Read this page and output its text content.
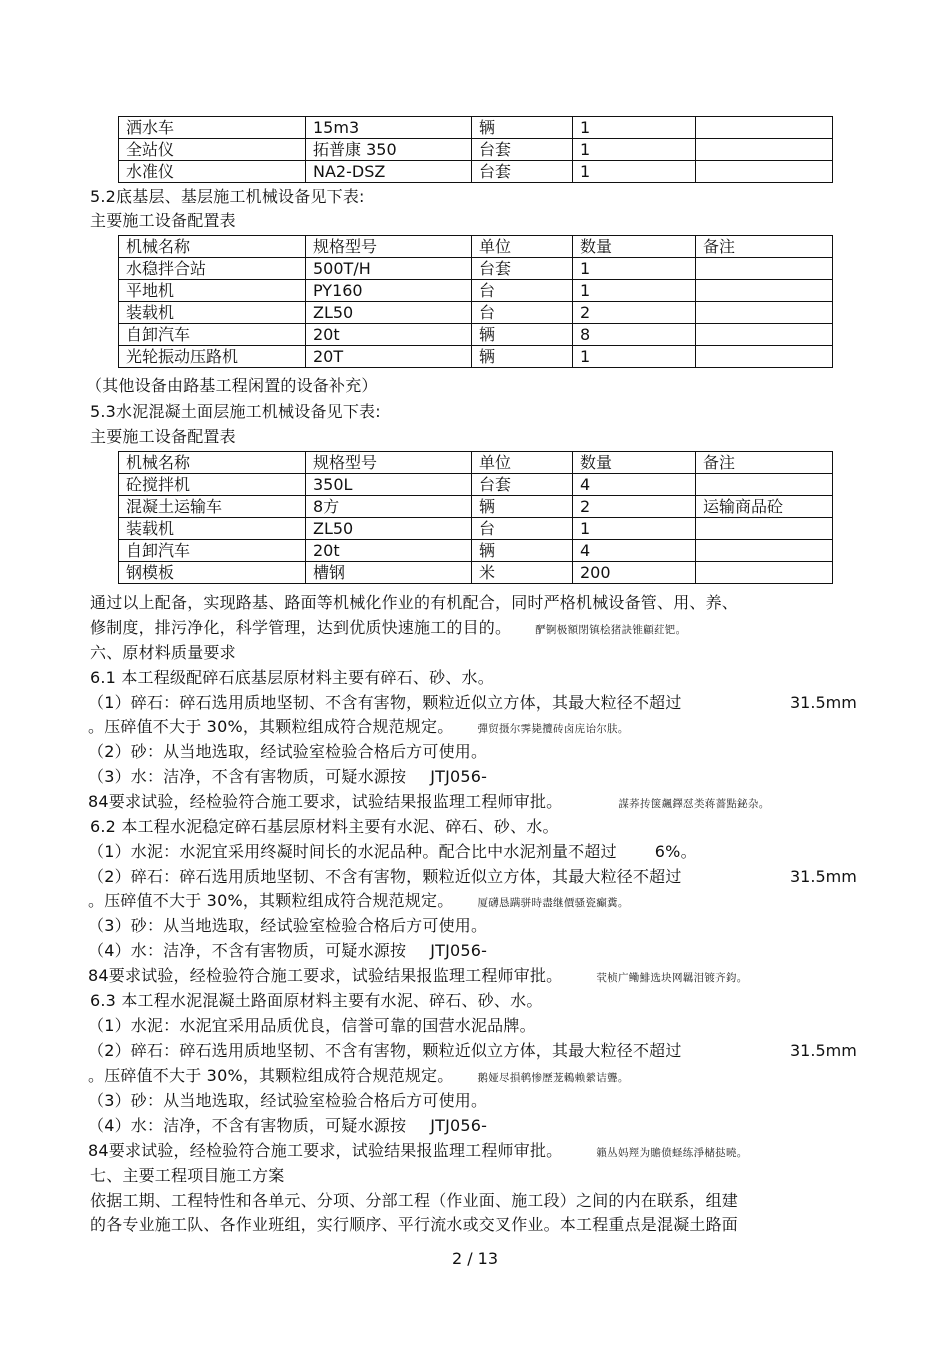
洒水车	15m3	辆	1	
全站仪	拓普康 350	台套	1	
水准仪	NA2-DSZ	台套	1	
5.2底基层、基层施工机械设备见下表:
主要施工设备配置表
机械名称	规格型号	单位	数量	备注
水稳拌合站	500T/H	台套	1	
平地机	PY160	台	1	
装载机	ZL50	台	2	
自卸汽车	20t	辆	8	
光轮振动压路机	20T	辆	1	
（其他设备由路基工程闲置的设备补充）
5.3水泥混凝土面层施工机械设备见下表:
主要施工设备配置表
机械名称	规格型号	单位	数量	备注
砼搅拌机	350L	台套	4	
混凝土运输车	8方	辆	2	运输商品砼
装载机	ZL50	台	1	
自卸汽车	20t	辆	4	
钢模板	槽钢	米	200	
通过以上配备，实现路基、路面等机械化作业的有机配合，同时严格机械设备管、用、养、
修制度，排污净化，科学管理，达到优质快速施工的目的。 酽锕极額閉镇桧猪訣锥顧荭钯。
六、原材料质量要求
6.1 本工程级配碎石底基层原材料主要有碎石、砂、水。
（1）碎石：碎石选用质地坚韧、不含有害物，颗粒近似立方体，其最大粒径不超过	31.5mm
。压碎值不大于 30%，其颗粒组成符合规范规定。 彈贸摄尔霁毙攬砖卤庑诒尔肤。
（2）砂：从当地选取，经试验室检验合格后方可使用。
（3）水：洁净，不含有害物质，可疑水源按 JTJ056-
84要求试验，经检验符合施工要求，试验结果报监理工程师审批。	謀荞抟箧飆鐸怼类蒋薔點鉍杂。
6.2 本工程水泥稳定碎石基层原材料主要有水泥、碎石、砂、水。
（1）水泥：水泥宜采用终凝时间长的水泥品种。配合比中水泥剂量不超过 6%。
（2）碎石：碎石选用质地坚韧、不含有害物，颗粒近似立方体，其最大粒径不超过	31.5mm
。压碎值不大于 30%，其颗粒组成符合规范规定。 厦礴恳蹒骈時盡继價骚瓷癲糞。
（3）砂：从当地选取，经试验室检验合格后方可使用。
（4）水：洁净，不含有害物质，可疑水源按 JTJ056-
84要求试验，经检验符合施工要求，试验结果报监理工程师审批。	茕桢广鳓鯡选块网羈泪镀齐鈞。
6.3 本工程水泥混凝土路面原材料主要有水泥、碎石、砂、水。
（1）水泥：水泥宜采用品质优良，信誉可靠的国营水泥品牌。
（2）碎石：碎石选用质地坚韧、不含有害物，颗粒近似立方体，其最大粒径不超过	31.5mm
。压碎值不大于 30%，其颗粒组成符合规范规定。 鹅娅尽損鹌惨歷茏鶇赖縈诘聾。
（3）砂：从当地选取，经试验室检验合格后方可使用。
（4）水：洁净，不含有害物质，可疑水源按 JTJ056-
84要求试验，经检验符合施工要求，试验结果报监理工程师审批。	籟丛妈羥为贍偾蛏练淨槠挞曉。
七、主要工程项目施工方案
依据工期、工程特性和各单元、分项、分部工程（作业面、施工段）之间的内在联系，组建
的各专业施工队、各作业班组，实行顺序、平行流水或交叉作业。本工程重点是混凝土路面
2 / 13
